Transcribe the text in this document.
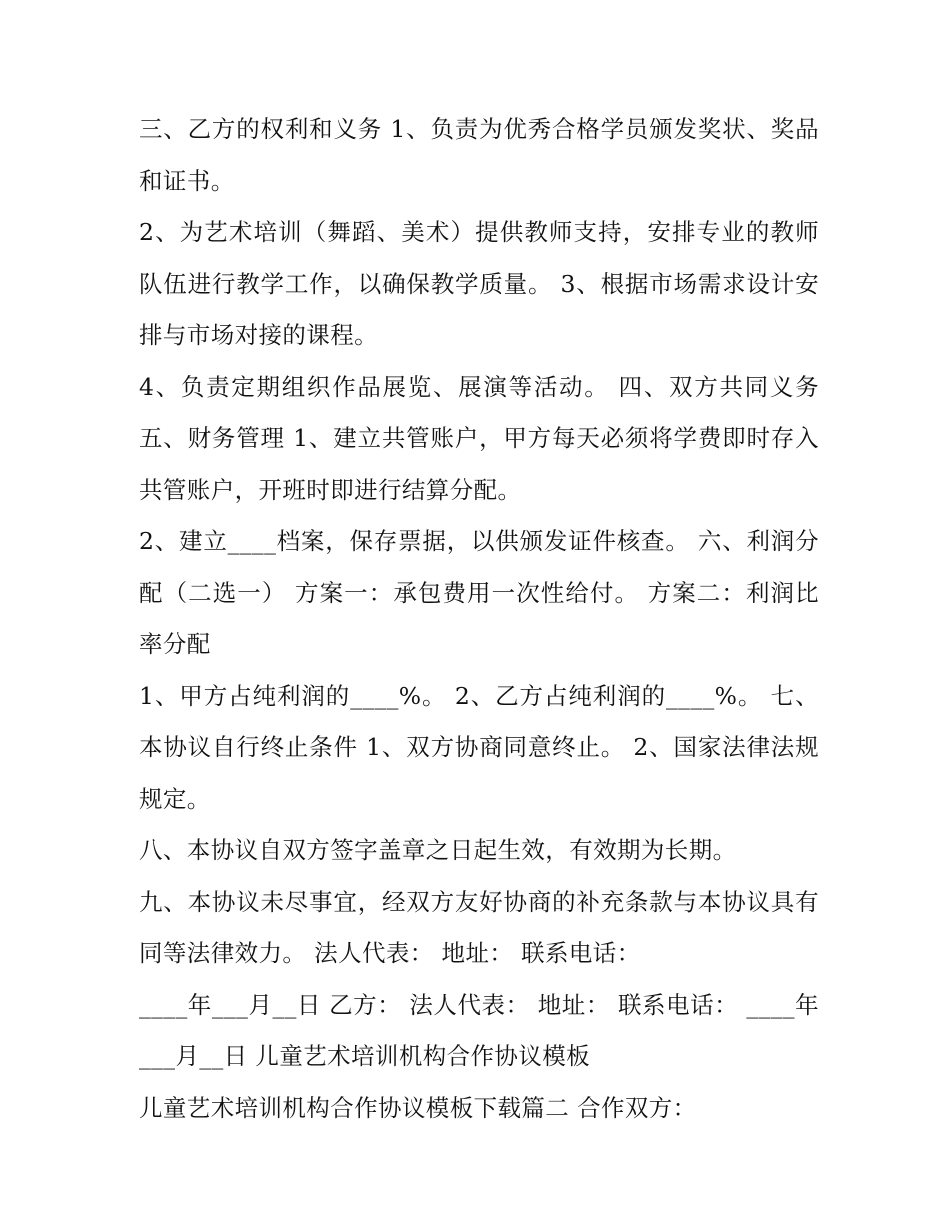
三、乙方的权利和义务 1、负责为优秀合格学员颁发奖状、奖品和证书。

2、为艺术培训（舞蹈、美术）提供教师支持，安排专业的教师队伍进行教学工作，以确保教学质量。 3、根据市场需求设计安排与市场对接的课程。

4、负责定期组织作品展览、展演等活动。 四、双方共同义务 五、财务管理 1、建立共管账户，甲方每天必须将学费即时存入共管账户，开班时即进行结算分配。

2、建立____档案，保存票据，以供颁发证件核查。 六、利润分配（二选一） 方案一：承包费用一次性给付。 方案二：利润比率分配

1、甲方占纯利润的____%。 2、乙方占纯利润的____%。 七、本协议自行终止条件 1、双方协商同意终止。 2、国家法律法规规定。

八、本协议自双方签字盖章之日起生效，有效期为长期。

九、本协议未尽事宜，经双方友好协商的补充条款与本协议具有同等法律效力。 法人代表： 地址： 联系电话：

____年___月__日 乙方： 法人代表： 地址： 联系电话： ____年___月__日 儿童艺术培训机构合作协议模板

儿童艺术培训机构合作协议模板下载篇二 合作双方：
